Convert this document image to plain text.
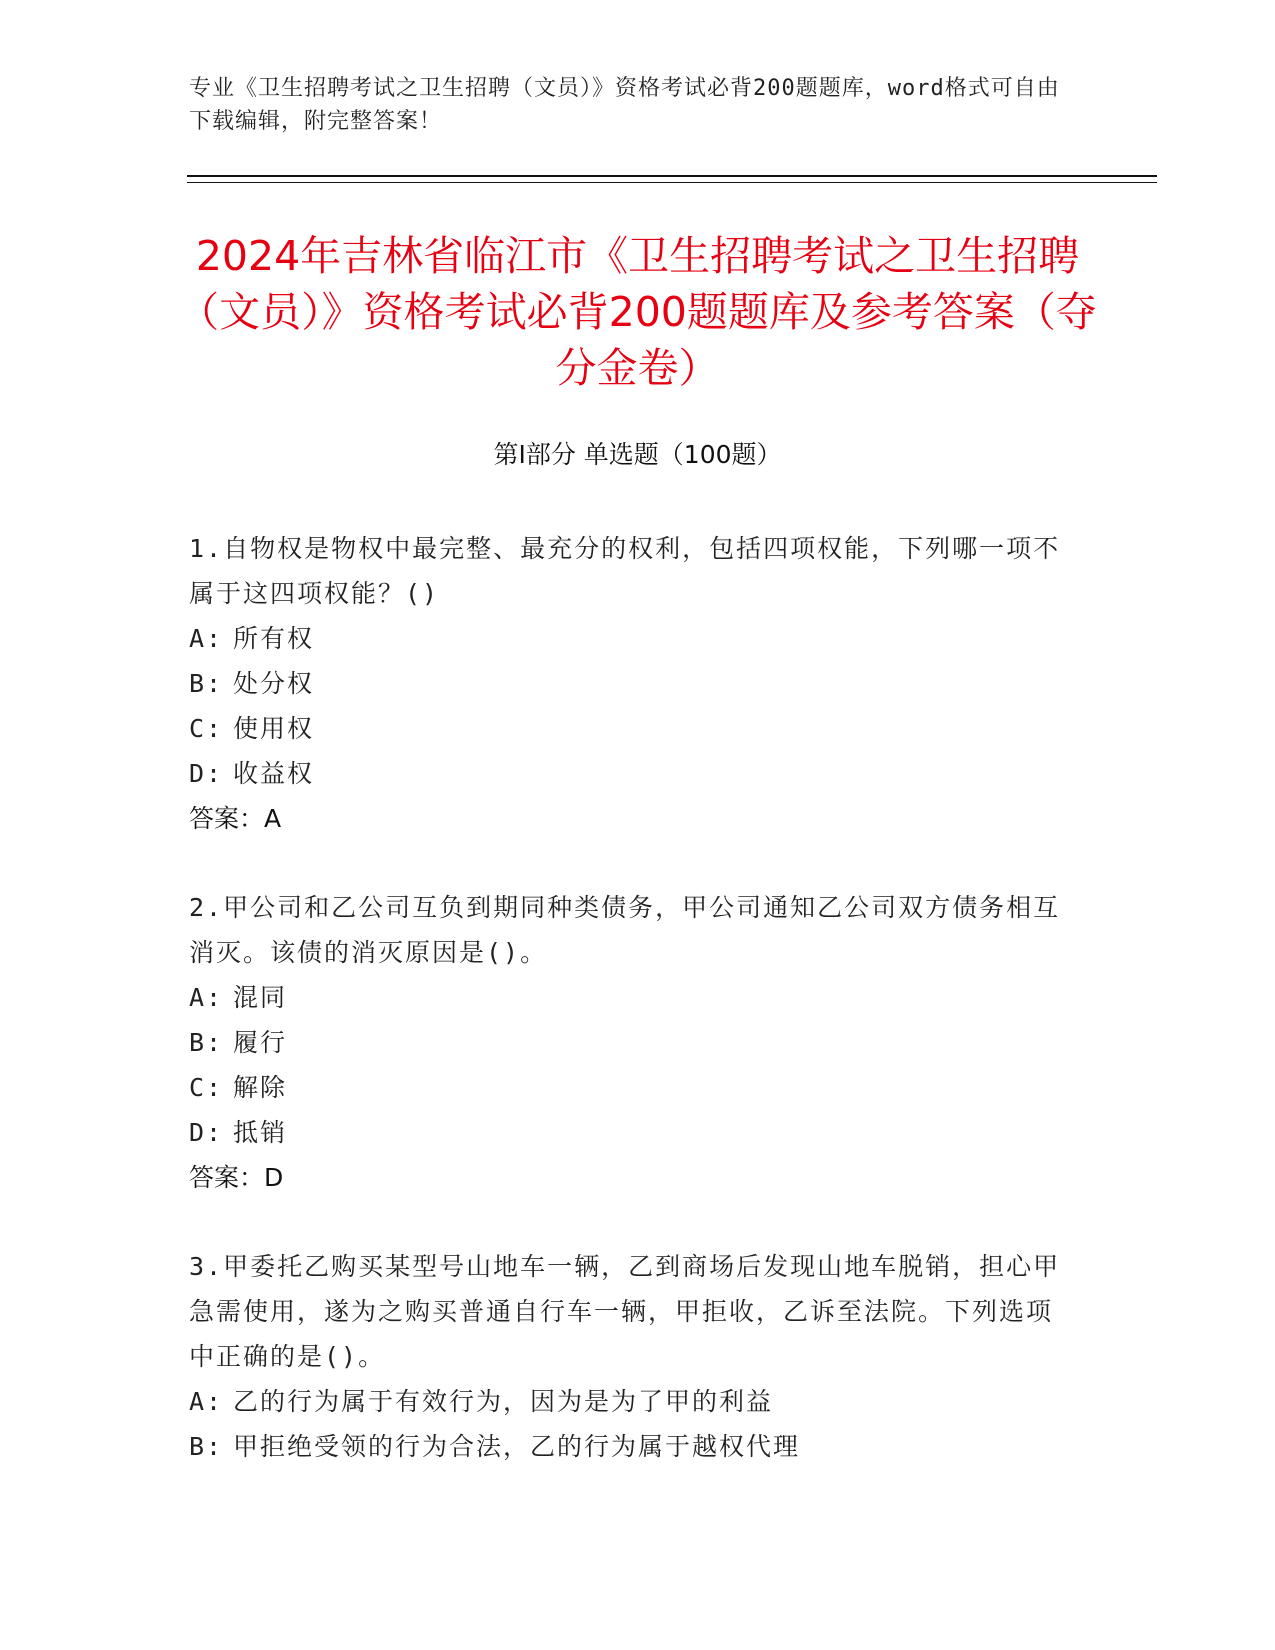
专业《卫生招聘考试之卫生招聘（文员）》资格考试必背200题题库，word格式可自由下载编辑，附完整答案！
2024年吉林省临江市《卫生招聘考试之卫生招聘（文员）》资格考试必背200题题库及参考答案（夺分金卷）
第I部分 单选题（100题）
1.自物权是物权中最完整、最充分的权利，包括四项权能，下列哪一项不属于这四项权能？()
A: 所有权
B: 处分权
C: 使用权
D: 收益权
答案：A
2.甲公司和乙公司互负到期同种类债务，甲公司通知乙公司双方债务相互消灭。该债的消灭原因是()。
A: 混同
B: 履行
C: 解除
D: 抵销
答案：D
3.甲委托乙购买某型号山地车一辆，乙到商场后发现山地车脱销，担心甲急需使用，遂为之购买普通自行车一辆，甲拒收，乙诉至法院。下列选项中正确的是()。
A: 乙的行为属于有效行为，因为是为了甲的利益
B: 甲拒绝受领的行为合法，乙的行为属于越权代理
